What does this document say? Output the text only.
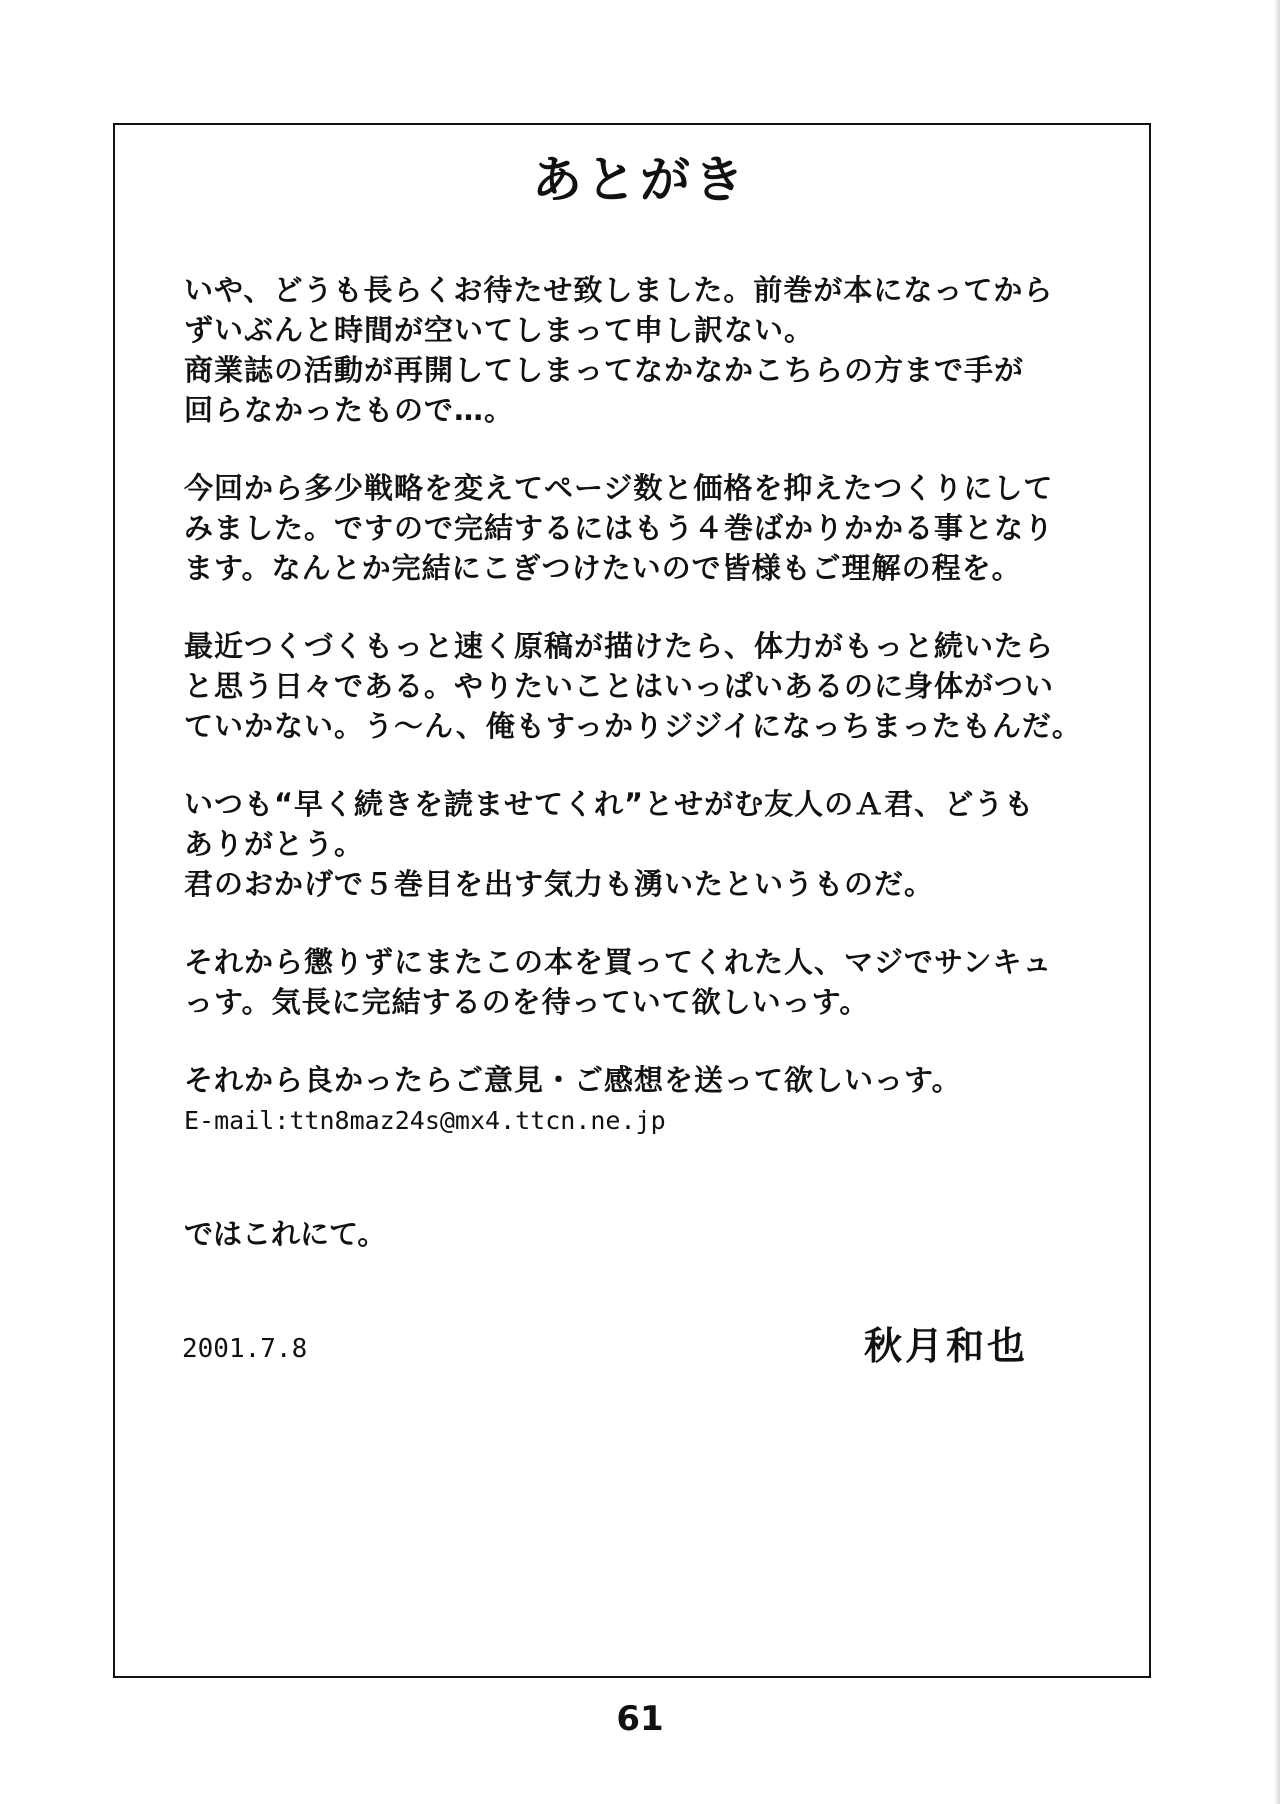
あとがき
いや、どうも長らくお待たせ致しました。前巻が本になってから
ずいぶんと時間が空いてしまって申し訳ない。
商業誌の活動が再開してしまってなかなかこちらの方まで手が
回らなかったもので…。
今回から多少戦略を変えてページ数と価格を抑えたつくりにして
みました。ですので完結するにはもう４巻ばかりかかる事となり
ます。なんとか完結にこぎつけたいので皆様もご理解の程を。
最近つくづくもっと速く原稿が描けたら、体力がもっと続いたら
と思う日々である。やりたいことはいっぱいあるのに身体がつい
ていかない。う～ん、俺もすっかりジジイになっちまったもんだ。
いつも“早く続きを読ませてくれ”とせがむ友人のＡ君、どうも
ありがとう。
君のおかげで５巻目を出す気力も湧いたというものだ。
それから懲りずにまたこの本を買ってくれた人、マジでサンキュ
っす。気長に完結するのを待っていて欲しいっす。
それから良かったらご意見・ご感想を送って欲しいっす。
E-mail:ttn8maz24s@mx4.ttcn.ne.jp
ではこれにて。
2001.7.8	秋月和也
61
